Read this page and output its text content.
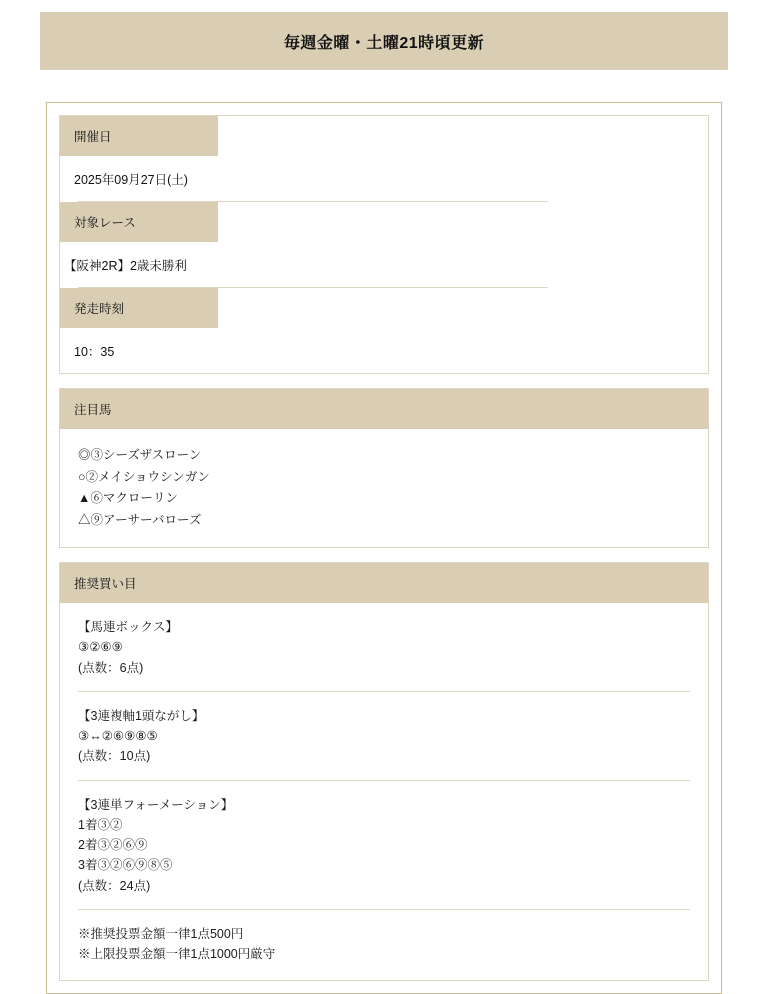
毎週金曜・土曜21時頃更新
開催日
2025年09月27日(土)
対象レース
【阪神2R】2歳未勝利
発走時刻
10：35
注目馬
◎③シーズザスローン
○②メイショウシンガン
▲⑥マクローリン
△⑨アーサーバローズ
推奨買い目
【馬連ボックス】
③②⑥⑨
(点数：6点)
【3連複軸1頭ながし】
③↔②⑥⑨⑧⑤
(点数：10点)
【3連単フォーメーション】
1着③②
2着③②⑥⑨
3着③②⑥⑨⑧⑤
(点数：24点)
※推奨投票金額一律1点500円
※上限投票金額一律1点1000円厳守
